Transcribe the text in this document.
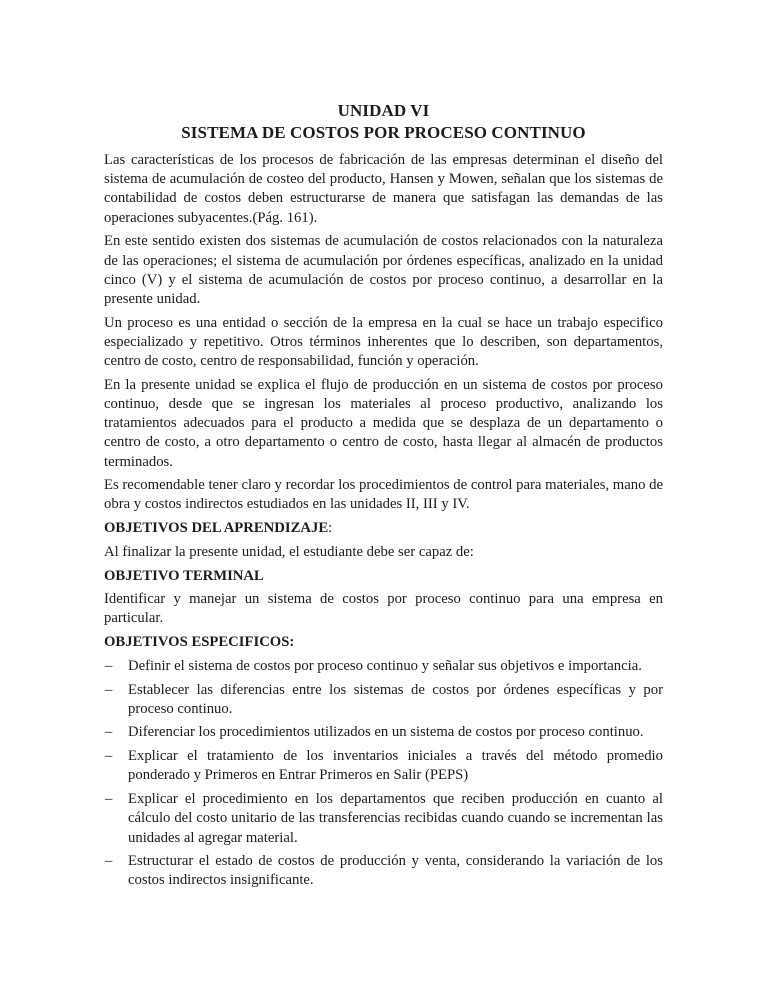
UNIDAD VI
SISTEMA DE COSTOS POR PROCESO CONTINUO

Las características de los procesos de fabricación de las empresas determinan el diseño del sistema de acumulación de costeo del producto, Hansen y Mowen, señalan que los sistemas de contabilidad de costos deben estructurarse de manera que satisfagan las demandas de las operaciones subyacentes.(Pág. 161).

En este sentido existen dos sistemas de acumulación de costos relacionados con la naturaleza de las operaciones; el sistema de acumulación por órdenes específicas, analizado en la unidad cinco (V) y el sistema de acumulación de costos por proceso continuo, a desarrollar en la presente unidad.

Un proceso es una entidad o sección de la empresa en la cual se hace un trabajo especifico especializado y repetitivo. Otros términos inherentes que lo describen, son departamentos, centro de costo, centro de responsabilidad, función y operación.

En la presente unidad se explica el flujo de producción en un sistema de costos por proceso continuo, desde que se ingresan los materiales al proceso productivo, analizando los tratamientos adecuados para el producto a medida que se desplaza de un departamento o centro de costo, a otro departamento o centro de costo, hasta llegar al almacén de productos terminados.

Es recomendable tener claro y recordar los procedimientos de control para materiales, mano de obra y costos indirectos estudiados en las unidades II, III y IV.

OBJETIVOS DEL APRENDIZAJE:

Al finalizar la presente unidad, el estudiante debe ser capaz de:

OBJETIVO TERMINAL

Identificar y manejar un sistema de costos por proceso continuo para una empresa en particular.

OBJETIVOS ESPECIFICOS:

– Definir el sistema de costos por proceso continuo y señalar sus objetivos e importancia.
– Establecer las diferencias entre los sistemas de costos por órdenes específicas y por proceso continuo.
– Diferenciar los procedimientos utilizados en un sistema de costos por proceso continuo.
– Explicar el tratamiento de los inventarios iniciales a través del método promedio ponderado y Primeros en Entrar Primeros en Salir (PEPS)
– Explicar el procedimiento en los departamentos que reciben producción en cuanto al cálculo del costo unitario de las transferencias recibidas cuando cuando se incrementan las unidades al agregar material.
– Estructurar el estado de costos de producción y venta, considerando la variación de los costos indirectos insignificante.
